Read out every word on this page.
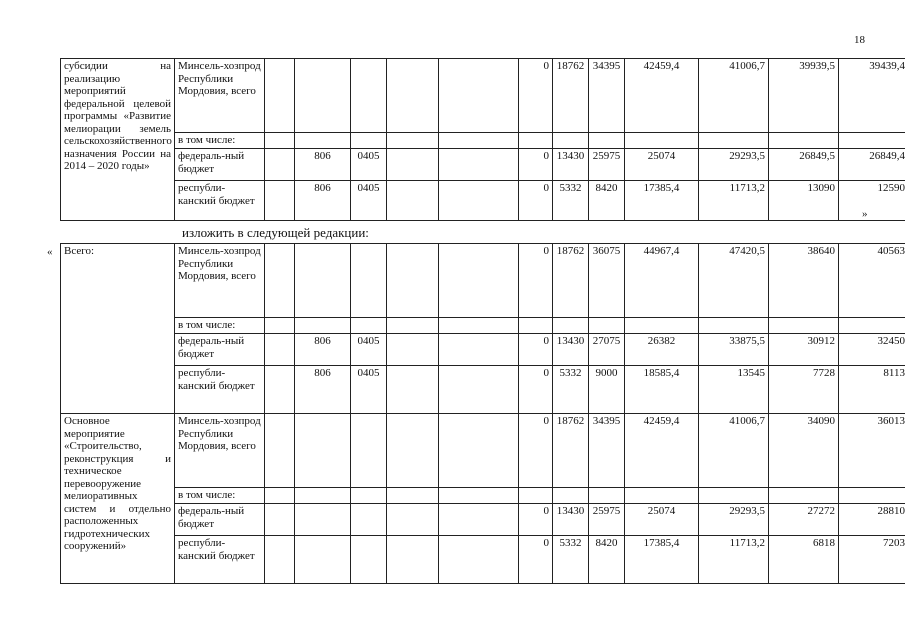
18
субсидии на реализацию мероприятий федеральной целевой программы «Развитие мелиорации земель сельскохозяйственного назначения России на 2014 – 2020 годы»	Минсель-хозпрод Республики Мордовия, всего						0	18762	34395	42459,4	41006,7	39939,5	39439,4
	в том числе:												
	федераль-ный бюджет		806	0405			0	13430	25975	25074	29293,5	26849,5	26849,4
	республи-канский бюджет		806	0405			0	5332	8420	17385,4	11713,2	13090	12590
»
изложить в следующей редакции:
« Всего:	Минсель-хозпрод Республики Мордовия, всего						0	18762	36075	44967,4	47420,5	38640	40563
	в том числе:												
	федераль-ный бюджет		806	0405			0	13430	27075	26382	33875,5	30912	32450
	республи-канский бюджет		806	0405			0	5332	9000	18585,4	13545	7728	8113
Основное мероприятие «Строительство, реконструкция и техническое перевооружение мелиоративных систем и отдельно расположенных гидротехнических сооружений»	Минсель-хозпрод Республики Мордовия, всего						0	18762	34395	42459,4	41006,7	34090	36013
	в том числе:												
	федераль-ный бюджет						0	13430	25975	25074	29293,5	27272	28810
	республи-канский бюджет						0	5332	8420	17385,4	11713,2	6818	7203
